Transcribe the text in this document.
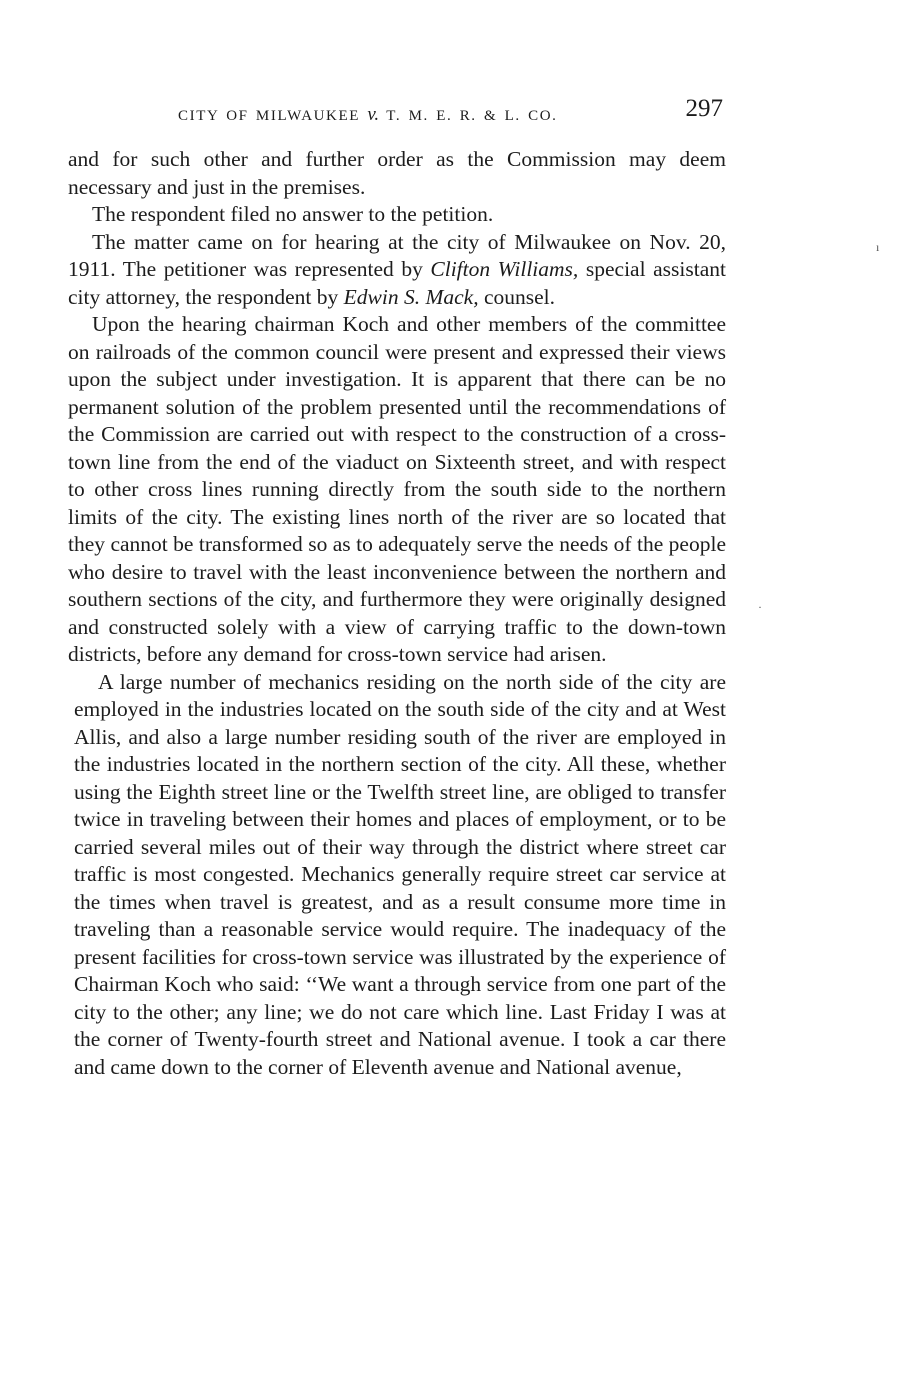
CITY OF MILWAUKEE v. T. M. E. R. & L. CO.	297

and for such other and further order as the Commission may deem necessary and just in the premises.

The respondent filed no answer to the petition.

The matter came on for hearing at the city of Milwaukee on Nov. 20, 1911. The petitioner was represented by Clifton Williams, special assistant city attorney, the respondent by Edwin S. Mack, counsel.

Upon the hearing chairman Koch and other members of the committee on railroads of the common council were present and expressed their views upon the subject under investigation. It is apparent that there can be no permanent solution of the problem presented until the recommendations of the Commission are carried out with respect to the construction of a cross-town line from the end of the viaduct on Sixteenth street, and with respect to other cross lines running directly from the south side to the northern limits of the city. The existing lines north of the river are so located that they cannot be transformed so as to adequately serve the needs of the people who desire to travel with the least inconvenience between the northern and southern sections of the city, and furthermore they were originally designed and constructed solely with a view of carrying traffic to the down-town districts, before any demand for cross-town service had arisen.

A large number of mechanics residing on the north side of the city are employed in the industries located on the south side of the city and at West Allis, and also a large number residing south of the river are employed in the industries located in the northern section of the city. All these, whether using the Eighth street line or the Twelfth street line, are obliged to transfer twice in traveling between their homes and places of employment, or to be carried several miles out of their way through the district where street car traffic is most congested. Mechanics generally require street car service at the times when travel is greatest, and as a result consume more time in traveling than a reasonable service would require. The inadequacy of the present facilities for cross-town service was illustrated by the experience of Chairman Koch who said: ‘‘We want a through service from one part of the city to the other; any line; we do not care which line. Last Friday I was at the corner of Twenty-fourth street and National avenue. I took a car there and came down to the corner of Eleventh avenue and National avenue,

ı
·
